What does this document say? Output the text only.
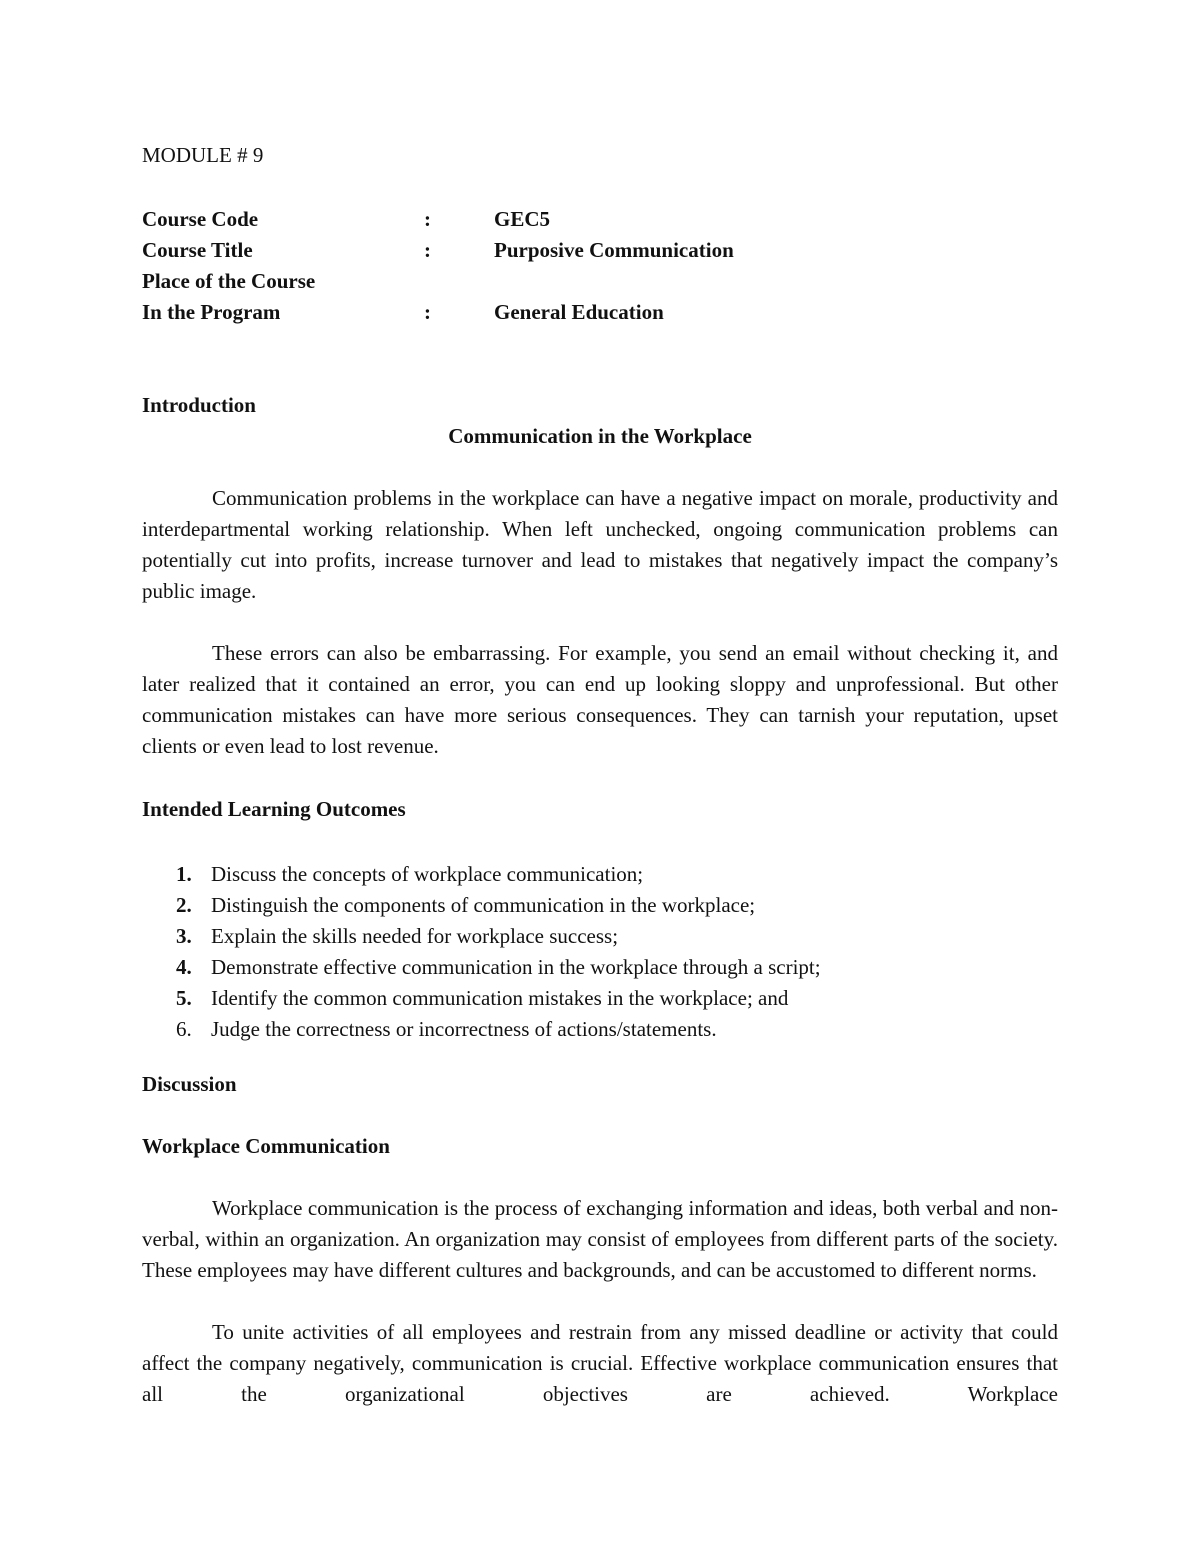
MODULE # 9
Course Code	:	GEC5
Course Title	:	Purposive Communication
Place of the Course
In the Program	:	General Education
Introduction
Communication in the Workplace

Communication problems in the workplace can have a negative impact on morale, productivity and interdepartmental working relationship. When left unchecked, ongoing communication problems can potentially cut into profits, increase turnover and lead to mistakes that negatively impact the company’s public image.

These errors can also be embarrassing. For example, you send an email without checking it, and later realized that it contained an error, you can end up looking sloppy and unprofessional. But other communication mistakes can have more serious consequences. They can tarnish your reputation, upset clients or even lead to lost revenue.

Intended Learning Outcomes
1. Discuss the concepts of workplace communication;
2. Distinguish the components of communication in the workplace;
3. Explain the skills needed for workplace success;
4. Demonstrate effective communication in the workplace through a script;
5. Identify the common communication mistakes in the workplace; and
6. Judge the correctness or incorrectness of actions/statements.
Discussion
Workplace Communication

Workplace communication is the process of exchanging information and ideas, both verbal and non-verbal, within an organization. An organization may consist of employees from different parts of the society. These employees may have different cultures and backgrounds, and can be accustomed to different norms.

To unite activities of all employees and restrain from any missed deadline or activity that could affect the company negatively, communication is crucial. Effective workplace communication ensures that all the organizational objectives are achieved. Workplace
